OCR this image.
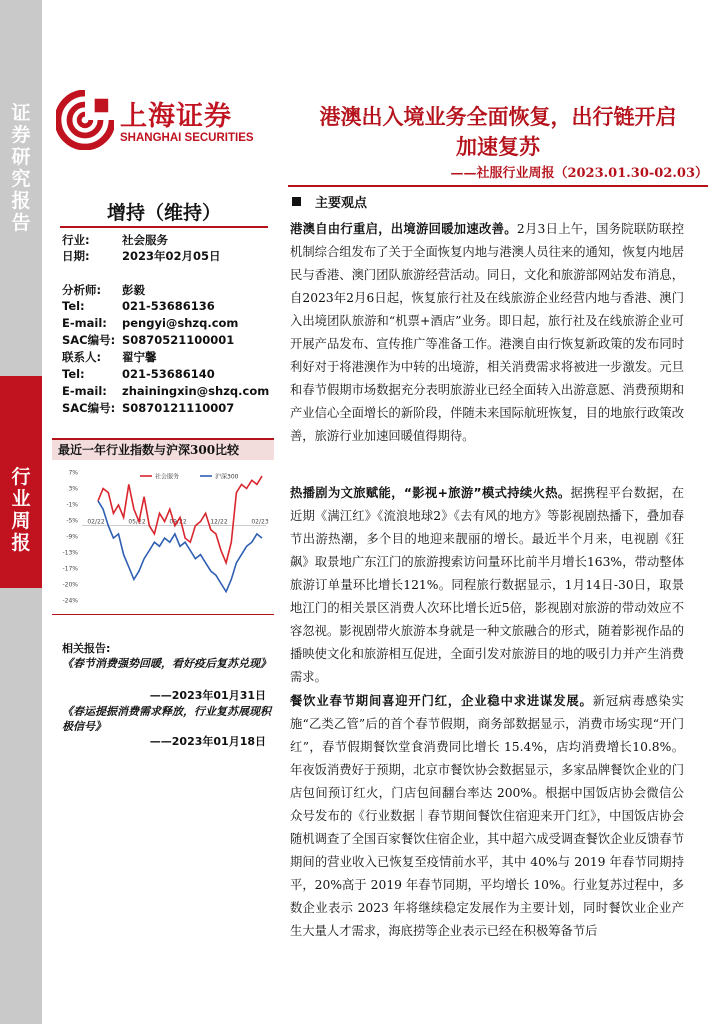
证券研究报告
行业周报
上海证券
SHANGHAI SECURITIES
港澳出入境业务全面恢复，出行链开启
加速复苏
——社服行业周报（2023.01.30-02.03）
增持（维持）
行业:	社会服务
日期:	2023年02月05日
分析师: 彭毅
Tel:	021-53686136
E-mail: pengyi@shzq.com
SAC编号: S0870521100001
联系人: 翟宁馨
Tel:	021-53686140
E-mail: zhainingxin@shzq.com
SAC编号: S0870121110007
最近一年行业指数与沪深300比较
7%
3%
-1%
-5%
-9%
-13%
-17%
-20%
-24%
02/22	05/22	09/22	12/22	02/23
社会服务	沪深300
相关报告:
《春节消费强势回暖，看好疫后复苏兑现》
——2023年01月31日
《春运提振消费需求释放，行业复苏展现积极信号》
——2023年01月18日
主要观点
港澳自由行重启，出境游回暖加速改善。2月3日上午，国务院联防联控机制综合组发布了关于全面恢复内地与港澳人员往来的通知，恢复内地居民与香港、澳门团队旅游经营活动。同日，文化和旅游部网站发布消息，自2023年2月6日起，恢复旅行社及在线旅游企业经营内地与香港、澳门入出境团队旅游和“机票+酒店”业务。即日起，旅行社及在线旅游企业可开展产品发布、宣传推广等准备工作。港澳自由行恢复新政策的发布同时利好对于将港澳作为中转的出境游，相关消费需求将被进一步激发。元旦和春节假期市场数据充分表明旅游业已经全面转入出游意愿、消费预期和产业信心全面增长的新阶段，伴随未来国际航班恢复，目的地旅行政策改善，旅游行业加速回暖值得期待。
热播剧为文旅赋能，“影视+旅游”模式持续火热。据携程平台数据，在近期《满江红》《流浪地球2》《去有风的地方》等影视剧热播下，叠加春节出游热潮，多个目的地迎来靓丽的增长。最近半个月来，电视剧《狂飙》取景地广东江门的旅游搜索访问量环比前半月增长163%，带动整体旅游订单量环比增长121%。同程旅行数据显示，1月14日-30日，取景地江门的相关景区消费人次环比增长近5倍，影视剧对旅游的带动效应不容忽视。影视剧带火旅游本身就是一种文旅融合的形式，随着影视作品的播映使文化和旅游相互促进，全面引发对旅游目的地的吸引力并产生消费需求。
餐饮业春节期间喜迎开门红，企业稳中求进谋发展。新冠病毒感染实施“乙类乙管”后的首个春节假期，商务部数据显示，消费市场实现“开门红”，春节假期餐饮堂食消费同比增长 15.4%，店均消费增长10.8%。年夜饭消费好于预期，北京市餐饮协会数据显示，多家品牌餐饮企业的门店包间预订红火，门店包间翻台率达 200%。根据中国饭店协会微信公众号发布的《行业数据｜春节期间餐饮住宿迎来开门红》，中国饭店协会随机调查了全国百家餐饮住宿企业，其中超六成受调查餐饮企业反馈春节期间的营业收入已恢复至疫情前水平，其中 40%与 2019 年春节同期持平，20%高于 2019 年春节同期，平均增长 10%。行业复苏过程中，多数企业表示 2023 年将继续稳定发展作为主要计划，同时餐饮业企业产生大量人才需求，海底捞等企业表示已经在积极筹备节后
